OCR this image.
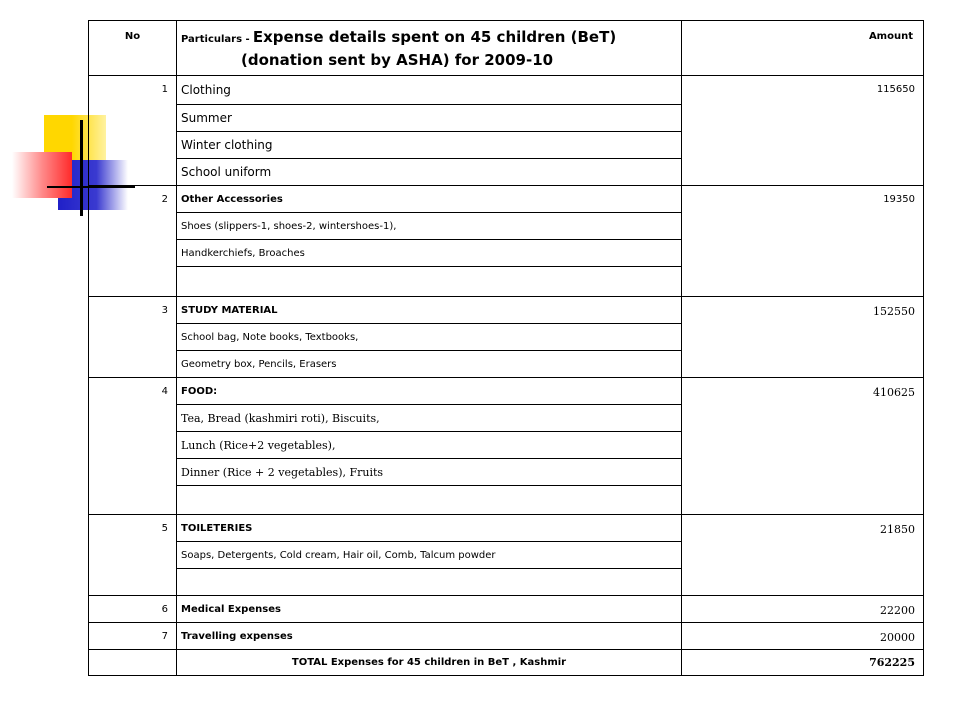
No	Particulars - Expense details spent on 45 children (BeT)
(donation sent by ASHA) for 2009-10	Amount
1	Clothing	115650
	Summer	
	Winter clothing	
	School uniform	
2	Other Accessories	19350
	Shoes (slippers-1, shoes-2, wintershoes-1),	
	Handkerchiefs, Broaches	

3	STUDY MATERIAL	152550
	School bag, Note books, Textbooks,	
	Geometry box, Pencils, Erasers	
4	FOOD:	410625
	Tea, Bread (kashmiri roti), Biscuits,	
	Lunch (Rice+2 vegetables),	
	Dinner (Rice + 2 vegetables), Fruits	

5	TOILETERIES	21850
	Soaps, Detergents, Cold cream, Hair oil, Comb, Talcum powder	

6	Medical Expenses	22200
7	Travelling expenses	20000
	TOTAL Expenses for 45 children in BeT , Kashmir	762225
